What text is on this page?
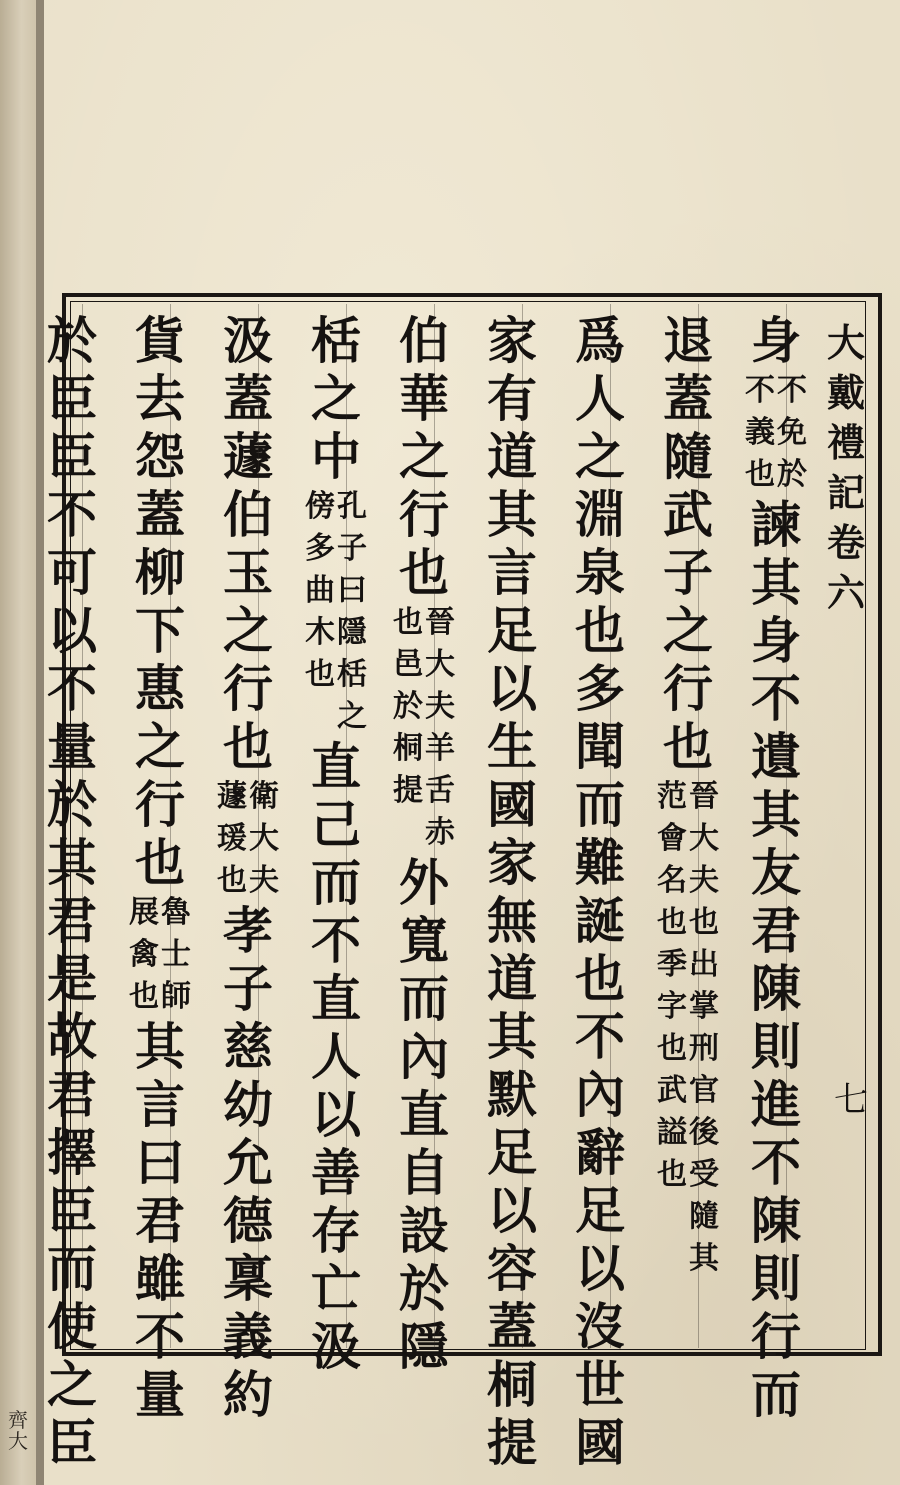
齊大
七
大
戴
禮
記
卷
六
身
不
免
於
不
義
也
諫
其
身
不
遺
其
友
君
陳
則
進
不
陳
則
行
而
退
蓋
隨
武
子
之
行
也
晉
大
夫
也
出
掌
刑
官
後
受
隨
其
范
會
名
也
季
字
也
武
謚
也
爲
人
之
淵
泉
也
多
聞
而
難
誕
也
不
內
辭
足
以
沒
世
國
家
有
道
其
言
足
以
生
國
家
無
道
其
默
足
以
容
蓋
桐
提
伯
華
之
行
也
晉
大
夫
羊
舌
赤
也
邑
於
桐
提
外
寬
而
內
直
自
設
於
隱
栝
之
中
孔
子
曰
隱
栝
之
傍
多
曲
木
也
直
己
而
不
直
人
以
善
存
亡
汲
汲
蓋
蘧
伯
玉
之
行
也
衛
大
夫
蘧
瑗
也
孝
子
慈
幼
允
德
稟
義
約
貨
去
怨
蓋
柳
下
惠
之
行
也
魯
士
師
展
禽
也
其
言
曰
君
雖
不
量
於
臣
臣
不
可
以
不
量
於
其
君
是
故
君
擇
臣
而
使
之
臣
